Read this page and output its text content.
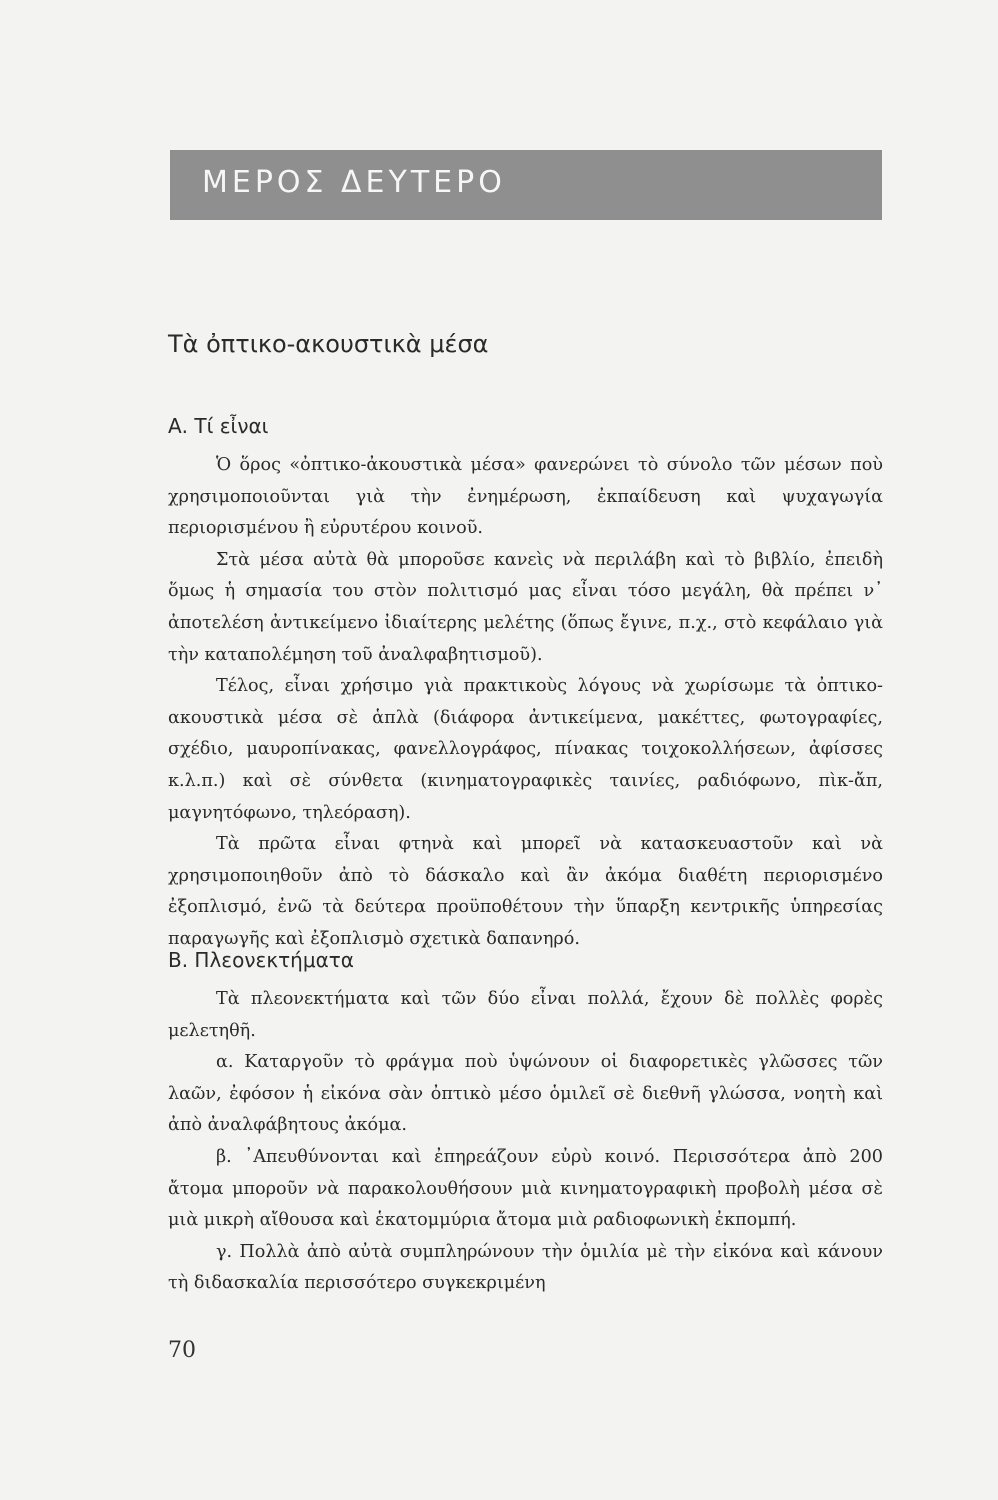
ΜΕΡΟΣ ΔΕΥΤΕΡΟ
Τὰ ὀπτικο-ακουστικὰ μέσα
Α. Τί εἶναι

Ὁ ὅρος «ὀπτικο-ἀκουστικὰ μέσα» φανερώνει τὸ σύνολο τῶν μέσων ποὺ χρησιμοποιοῦνται γιὰ τὴν ἐνημέρωση, ἐκπαίδευση καὶ ψυχαγωγία περιορισμένου ἢ εὐρυτέρου κοινοῦ.

Στὰ μέσα αὐτὰ θὰ μποροῦσε κανεὶς νὰ περιλάβη καὶ τὸ βιβλίο, ἐπειδὴ ὅμως ἡ σημασία του στὸν πολιτισμό μας εἶναι τόσο μεγάλη, θὰ πρέπει ν᾿ ἀποτελέση ἀντικείμενο ἰδιαίτερης μελέτης (ὅπως ἔγινε, π.χ., στὸ κεφάλαιο γιὰ τὴν καταπολέμηση τοῦ ἀναλφαβητισμοῦ).

Τέλος, εἶναι χρήσιμο γιὰ πρακτικοὺς λόγους νὰ χωρίσωμε τὰ ὀπτικο-ακουστικὰ μέσα σὲ ἁπλὰ (διάφορα ἀντικείμενα, μακέττες, φωτογραφίες, σχέδιο, μαυροπίνακας, φανελλογράφος, πίνακας τοιχοκολλήσεων, ἀφίσσες κ.λ.π.) καὶ σὲ σύνθετα (κινηματογραφικὲς ταινίες, ραδιόφωνο, πὶκ-ἄπ, μαγνητόφωνο, τηλεόραση).

Τὰ πρῶτα εἶναι φτηνὰ καὶ μπορεῖ νὰ κατασκευαστοῦν καὶ νὰ χρησιμοποιηθοῦν ἀπὸ τὸ δάσκαλο καὶ ἂν ἀκόμα διαθέτη περιορισμένο ἐξοπλισμό, ἐνῶ τὰ δεύτερα προϋποθέτουν τὴν ὕπαρξη κεντρικῆς ὑπηρεσίας παραγωγῆς καὶ ἐξοπλισμὸ σχετικὰ δαπανηρό.

Β. Πλεονεκτήματα

Τὰ πλεονεκτήματα καὶ τῶν δύο εἶναι πολλά, ἔχουν δὲ πολλὲς φορὲς μελετηθῆ.

α. Καταργοῦν τὸ φράγμα ποὺ ὑψώνουν οἱ διαφορετικὲς γλῶσσες τῶν λαῶν, ἐφόσον ἡ εἰκόνα σὰν ὀπτικὸ μέσο ὁμιλεῖ σὲ διεθνῆ γλώσσα, νοητὴ καὶ ἀπὸ ἀναλφάβητους ἀκόμα.

β. ᾿Απευθύνονται καὶ ἐπηρεάζουν εὐρὺ κοινό. Περισσότερα ἀπὸ 200 ἄτομα μποροῦν νὰ παρακολουθήσουν μιὰ κινηματογραφικὴ προβολὴ μέσα σὲ μιὰ μικρὴ αἴθουσα καὶ ἑκατομμύρια ἄτομα μιὰ ραδιοφωνικὴ ἐκπομπή.

γ. Πολλὰ ἀπὸ αὐτὰ συμπληρώνουν τὴν ὁμιλία μὲ τὴν εἰκόνα καὶ κάνουν τὴ διδασκαλία περισσότερο συγκεκριμένη

70
